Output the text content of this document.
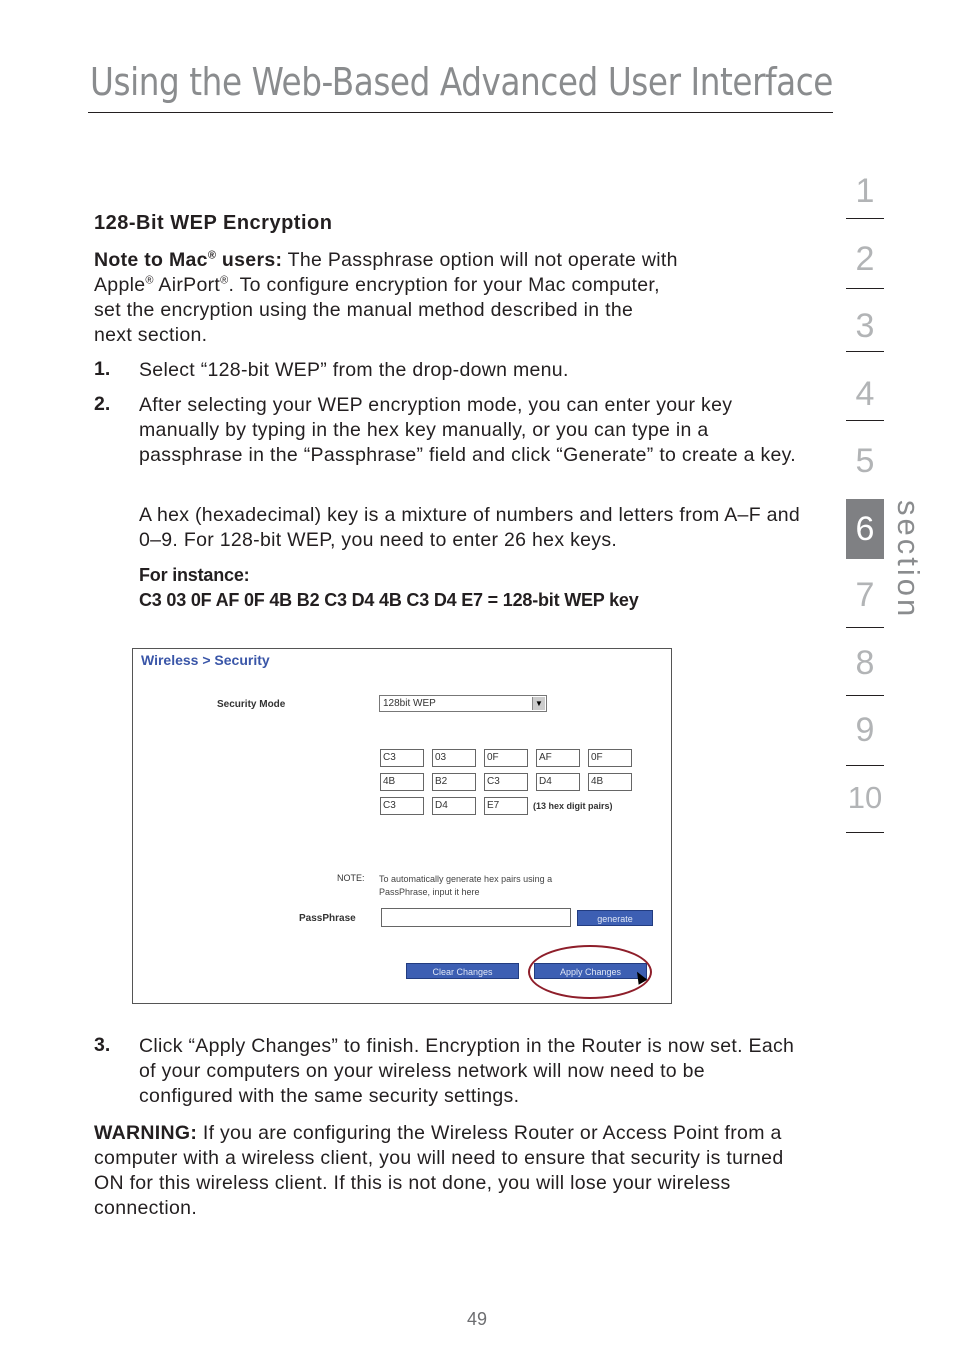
Using the Web-Based Advanced User Interface
128-Bit WEP Encryption
Note to Mac® users: The Passphrase option will not operate with
Apple® AirPort®. To configure encryption for your Mac computer,
set the encryption using the manual method described in the
next section.
1. Select “128-bit WEP” from the drop-down menu.
2. After selecting your WEP encryption mode, you can enter your key manually by typing in the hex key manually, or you can type in a passphrase in the “Passphrase” field and click “Generate” to create a key.
A hex (hexadecimal) key is a mixture of numbers and letters from A–F and 0–9. For 128-bit WEP, you need to enter 26 hex keys.
For instance:
C3 03 0F AF 0F 4B B2 C3 D4 4B C3 D4 E7 = 128-bit WEP key
Wireless > Security
Security Mode	128bit WEP	▼
C3	03	0F	AF	0F
4B	B2	C3	D4	4B
C3	D4	E7	(13 hex digit pairs)
NOTE: To automatically generate hex pairs using a PassPhrase, input it here
PassPhrase	generate
Clear Changes	Apply Changes
3. Click “Apply Changes” to finish. Encryption in the Router is now set. Each of your computers on your wireless network will now need to be configured with the same security settings.
WARNING: If you are configuring the Wireless Router or Access Point from a computer with a wireless client, you will need to ensure that security is turned ON for this wireless client. If this is not done, you will lose your wireless connection.
1
2
3
4
5
6
7
8
9
10
section
49
